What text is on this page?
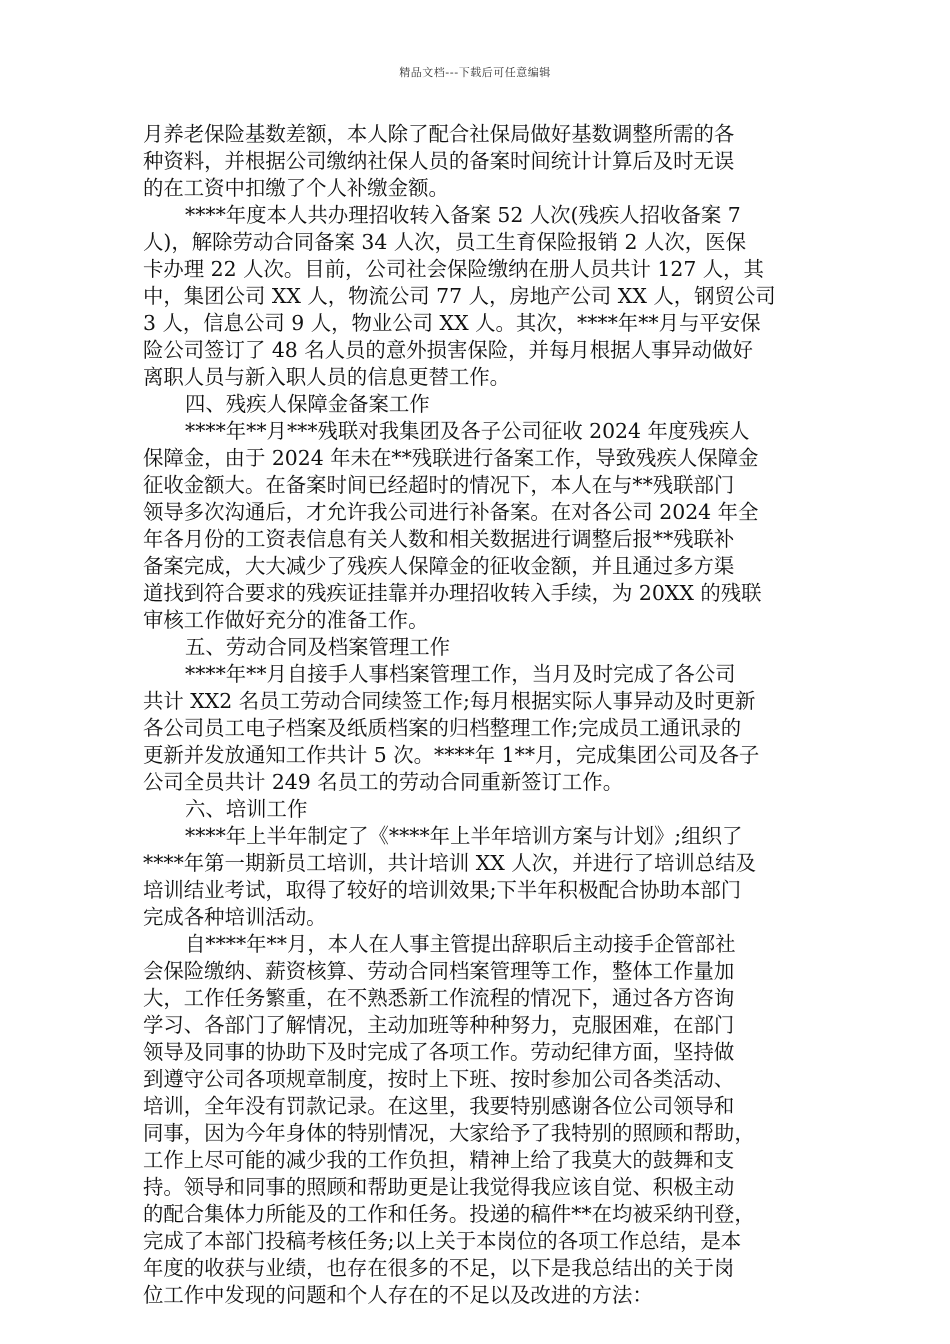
精品文档---下载后可任意编辑
月养老保险基数差额，本人除了配合社保局做好基数调整所需的各
种资料，并根据公司缴纳社保人员的备案时间统计计算后及时无误
的在工资中扣缴了个人补缴金额。
****年度本人共办理招收转入备案 52 人次(残疾人招收备案 7
人)，解除劳动合同备案 34 人次，员工生育保险报销 2 人次，医保
卡办理 22 人次。目前，公司社会保险缴纳在册人员共计 127 人，其
中，集团公司 XX 人，物流公司 77 人，房地产公司 XX 人，钢贸公司
3 人，信息公司 9 人，物业公司 XX 人。其次，****年**月与平安保
险公司签订了 48 名人员的意外损害保险，并每月根据人事异动做好
离职人员与新入职人员的信息更替工作。
四、残疾人保障金备案工作
****年**月***残联对我集团及各子公司征收 2024 年度残疾人
保障金，由于 2024 年未在**残联进行备案工作，导致残疾人保障金
征收金额大。在备案时间已经超时的情况下，本人在与**残联部门
领导多次沟通后，才允许我公司进行补备案。在对各公司 2024 年全
年各月份的工资表信息有关人数和相关数据进行调整后报**残联补
备案完成，大大减少了残疾人保障金的征收金额，并且通过多方渠
道找到符合要求的残疾证挂靠并办理招收转入手续，为 20XX 的残联
审核工作做好充分的准备工作。
五、劳动合同及档案管理工作
****年**月自接手人事档案管理工作，当月及时完成了各公司
共计 XX2 名员工劳动合同续签工作;每月根据实际人事异动及时更新
各公司员工电子档案及纸质档案的归档整理工作;完成员工通讯录的
更新并发放通知工作共计 5 次。****年 1**月，完成集团公司及各子
公司全员共计 249 名员工的劳动合同重新签订工作。
六、培训工作
****年上半年制定了《****年上半年培训方案与计划》;组织了
****年第一期新员工培训，共计培训 XX 人次，并进行了培训总结及
培训结业考试，取得了较好的培训效果;下半年积极配合协助本部门
完成各种培训活动。
自****年**月，本人在人事主管提出辞职后主动接手企管部社
会保险缴纳、薪资核算、劳动合同档案管理等工作，整体工作量加
大，工作任务繁重，在不熟悉新工作流程的情况下，通过各方咨询
学习、各部门了解情况，主动加班等种种努力，克服困难，在部门
领导及同事的协助下及时完成了各项工作。劳动纪律方面，坚持做
到遵守公司各项规章制度，按时上下班、按时参加公司各类活动、
培训，全年没有罚款记录。在这里，我要特别感谢各位公司领导和
同事，因为今年身体的特别情况，大家给予了我特别的照顾和帮助，
工作上尽可能的减少我的工作负担，精神上给了我莫大的鼓舞和支
持。领导和同事的照顾和帮助更是让我觉得我应该自觉、积极主动
的配合集体力所能及的工作和任务。投递的稿件**在均被采纳刊登，
完成了本部门投稿考核任务;以上关于本岗位的各项工作总结，是本
年度的收获与业绩，也存在很多的不足，以下是我总结出的关于岗
位工作中发现的问题和个人存在的不足以及改进的方法：
